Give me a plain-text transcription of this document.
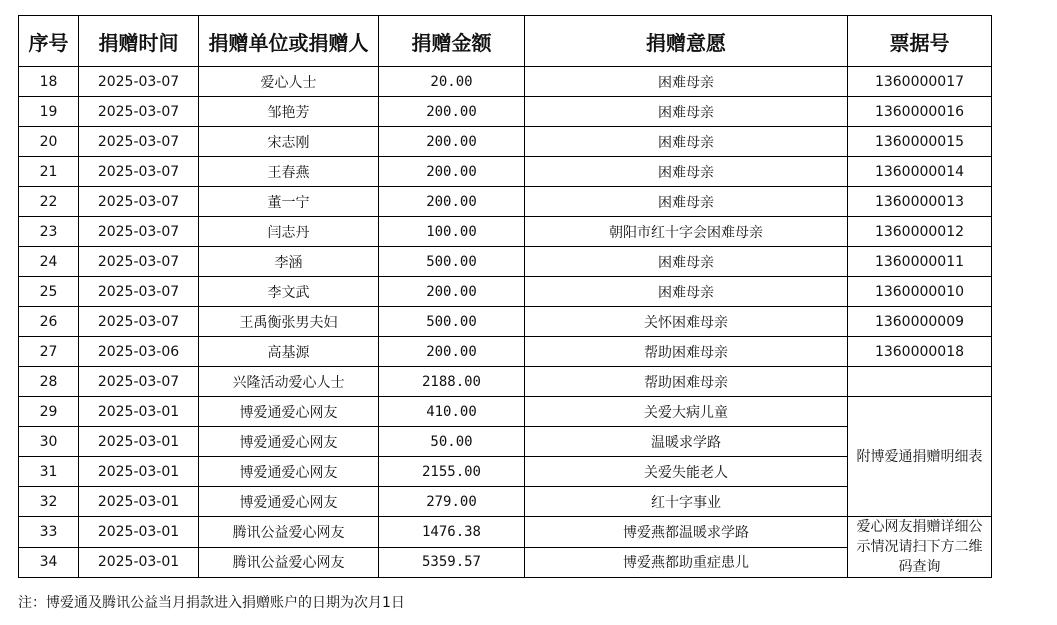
序号	捐赠时间	捐赠单位或捐赠人	捐赠金额	捐赠意愿	票据号
18	2025-03-07	爱心人士	20.00	困难母亲	1360000017
19	2025-03-07	邹艳芳	200.00	困难母亲	1360000016
20	2025-03-07	宋志刚	200.00	困难母亲	1360000015
21	2025-03-07	王春燕	200.00	困难母亲	1360000014
22	2025-03-07	董一宁	200.00	困难母亲	1360000013
23	2025-03-07	闫志丹	100.00	朝阳市红十字会困难母亲	1360000012
24	2025-03-07	李涵	500.00	困难母亲	1360000011
25	2025-03-07	李文武	200.00	困难母亲	1360000010
26	2025-03-07	王禹衡张男夫妇	500.00	关怀困难母亲	1360000009
27	2025-03-06	高基源	200.00	帮助困难母亲	1360000018
28	2025-03-07	兴隆活动爱心人士	2188.00	帮助困难母亲	
29	2025-03-01	博爱通爱心网友	410.00	关爱大病儿童	附博爱通捐赠明细表
30	2025-03-01	博爱通爱心网友	50.00	温暖求学路	
31	2025-03-01	博爱通爱心网友	2155.00	关爱失能老人	
32	2025-03-01	博爱通爱心网友	279.00	红十字事业	
33	2025-03-01	腾讯公益爱心网友	1476.38	博爱燕都温暖求学路	爱心网友捐赠详细公示情况请扫下方二维码查询
34	2025-03-01	腾讯公益爱心网友	5359.57	博爱燕都助重症患儿	
注：博爱通及腾讯公益当月捐款进入捐赠账户的日期为次月1日
